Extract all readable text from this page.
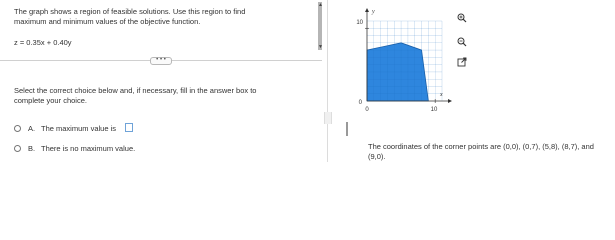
The graph shows a region of feasible solutions. Use this region to find
maximum and minimum values of the objective function.
z = 0.35x + 0.40y
▲
▼
• • •
Select the correct choice below and, if necessary, fill in the answer box to
complete your choice.
A. The maximum value is
B. There is no maximum value.
10
10
0
0
y
x
The coordinates of the corner points are (0,0), (0,7), (5,8), (8,7), and
(9,0).
